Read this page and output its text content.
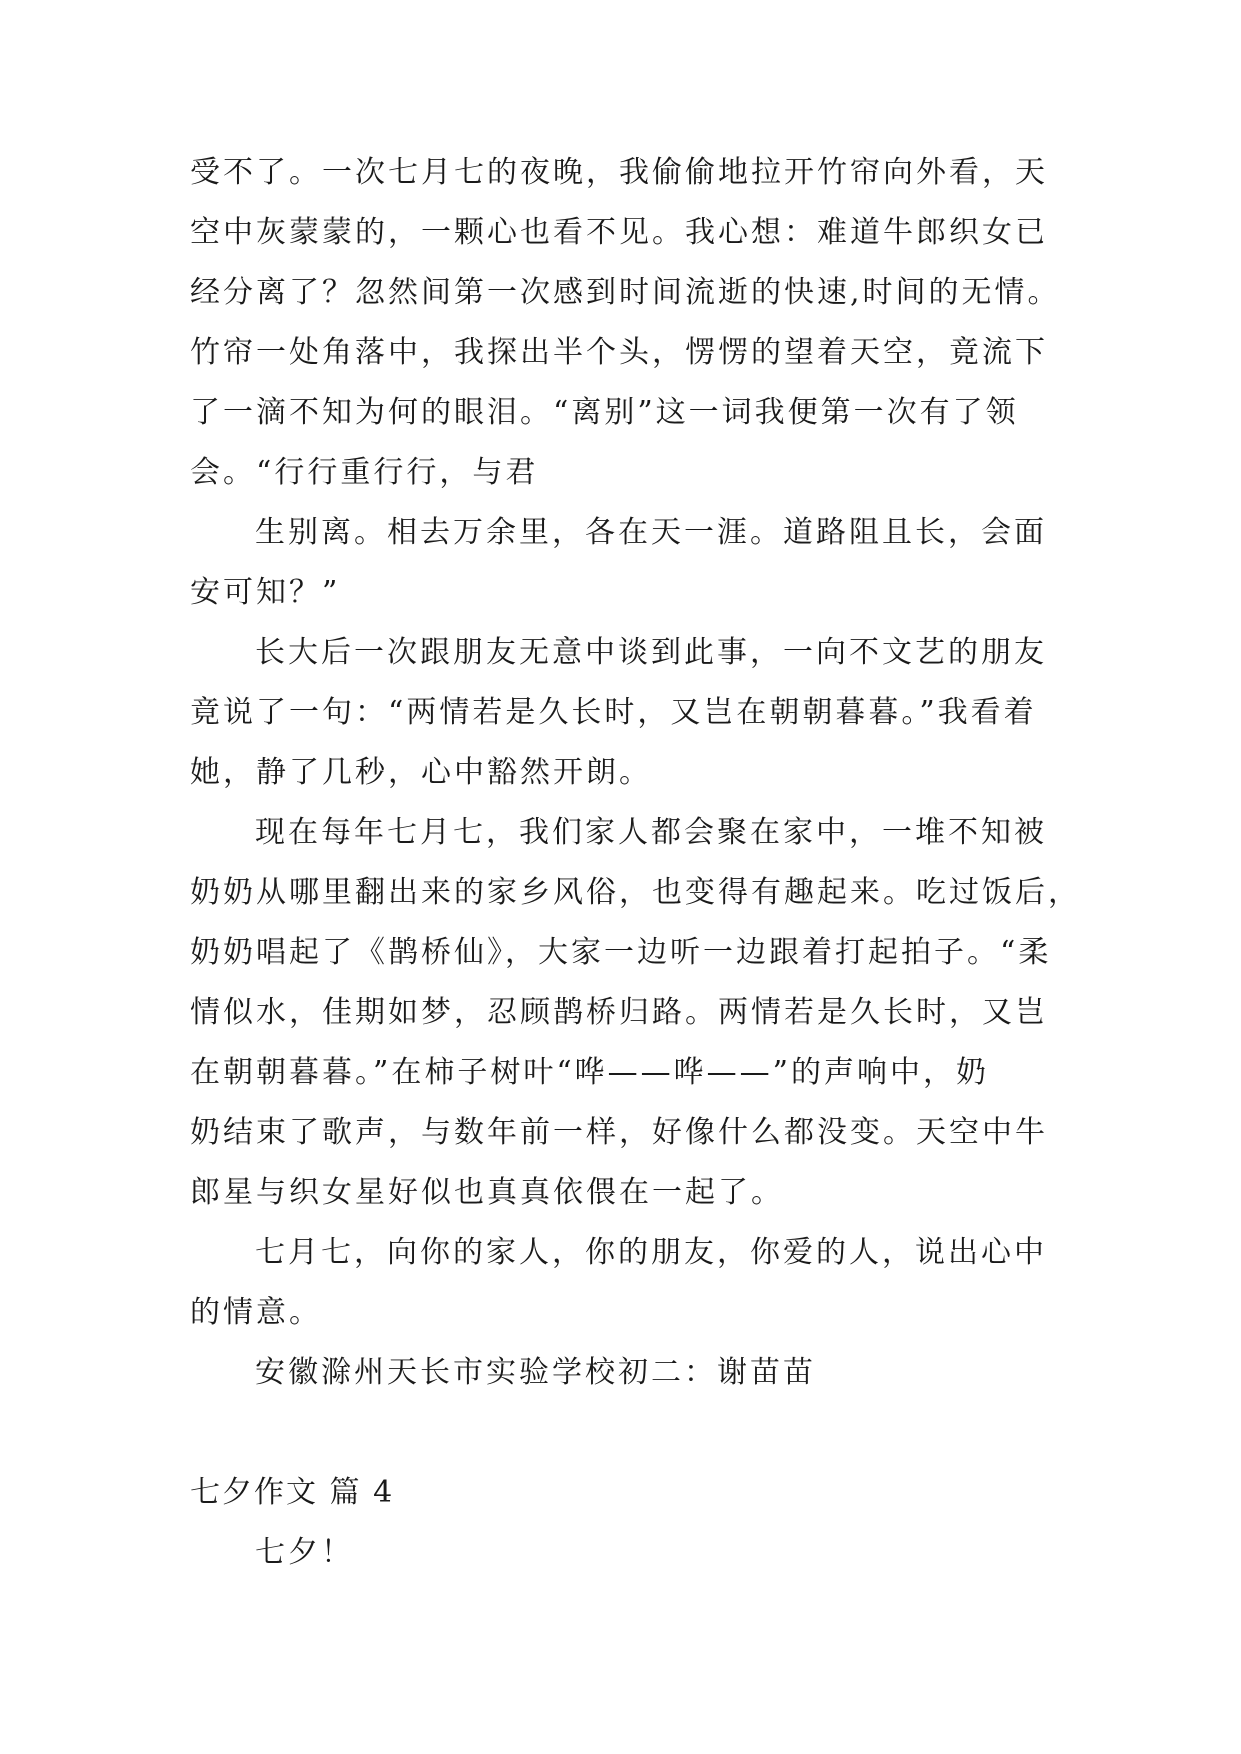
受不了。一次七月七的夜晚，我偷偷地拉开竹帘向外看，天
空中灰蒙蒙的，一颗心也看不见。我心想：难道牛郎织女已
经分离了？忽然间第一次感到时间流逝的快速,时间的无情。
竹帘一处角落中，我探出半个头，愣愣的望着天空，竟流下
了一滴不知为何的眼泪。“离别”这一词我便第一次有了领
会。“行行重行行，与君
生别离。相去万余里，各在天一涯。道路阻且长，会面
安可知？”
长大后一次跟朋友无意中谈到此事，一向不文艺的朋友
竟说了一句：“两情若是久长时，又岂在朝朝暮暮。”我看着
她，静了几秒，心中豁然开朗。
现在每年七月七，我们家人都会聚在家中，一堆不知被
奶奶从哪里翻出来的家乡风俗，也变得有趣起来。吃过饭后，
奶奶唱起了《鹊桥仙》，大家一边听一边跟着打起拍子。“柔
情似水，佳期如梦，忍顾鹊桥归路。两情若是久长时，又岂
在朝朝暮暮。”在柿子树叶“哗——哗——”的声响中，奶
奶结束了歌声，与数年前一样，好像什么都没变。天空中牛
郎星与织女星好似也真真依偎在一起了。
七月七，向你的家人，你的朋友，你爱的人，说出心中
的情意。
安徽滁州天长市实验学校初二：谢苗苗
七夕作文 篇 4
七夕！
